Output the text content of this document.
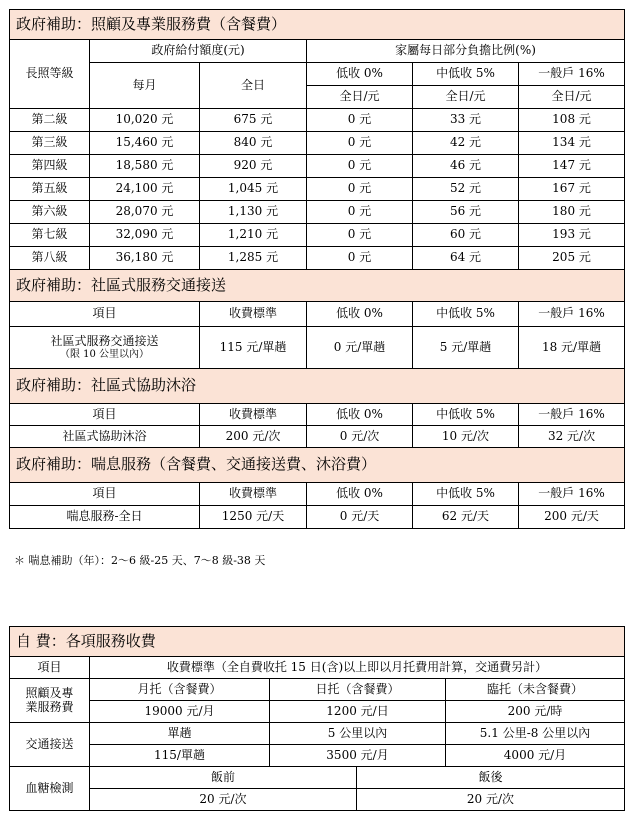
政府補助：照顧及專業服務費（含餐費）					
長照等級	政府給付額度(元)		家屬每日部分負擔比例(%)		
	每月	全日	低收 0%	中低收 5%	一般戶 16%
			全日/元	全日/元	全日/元
第二級	10,020 元	675 元	0 元	33 元	108 元
第三級	15,460 元	840 元	0 元	42 元	134 元
第四級	18,580 元	920 元	0 元	46 元	147 元
第五級	24,100 元	1,045 元	0 元	52 元	167 元
第六級	28,070 元	1,130 元	0 元	56 元	180 元
第七級	32,090 元	1,210 元	0 元	60 元	193 元
第八級	36,180 元	1,285 元	0 元	64 元	205 元
政府補助：社區式服務交通接送					
項目		收費標準	低收 0%	中低收 5%	一般戶 16%

社區式服務交通接送
（限 10 公里以內）		115 元/單趟	0 元/單趟	5 元/單趟	18 元/單趟
政府補助：社區式協助沐浴					
項目		收費標準	低收 0%	中低收 5%	一般戶 16%
社區式協助沐浴		200 元/次	0 元/次	10 元/次	32 元/次
政府補助：喘息服務（含餐費、交通接送費、沐浴費）					
項目		收費標準	低收 0%	中低收 5%	一般戶 16%
喘息服務-全日		1250 元/天	0 元/天	62 元/天	200 元/天
＊ 喘息補助（年）：2～6 級-25 天、7～8 級-38 天
自 費：各項服務收費				
項目	收費標準（全自費收托 15 日(含)以上即以月托費用計算，交通費另計）			

照顧及專
業服務費	月托（含餐費）	日托（含餐費）		臨托（未含餐費）
	19000 元/月	1200 元/日		200 元/時
交通接送	單趟	5 公里以內		5.1 公里-8 公里以內
	115/單趟	3500 元/月		4000 元/月
血糖檢測	飯前		飯後	
	20 元/次		20 元/次	
